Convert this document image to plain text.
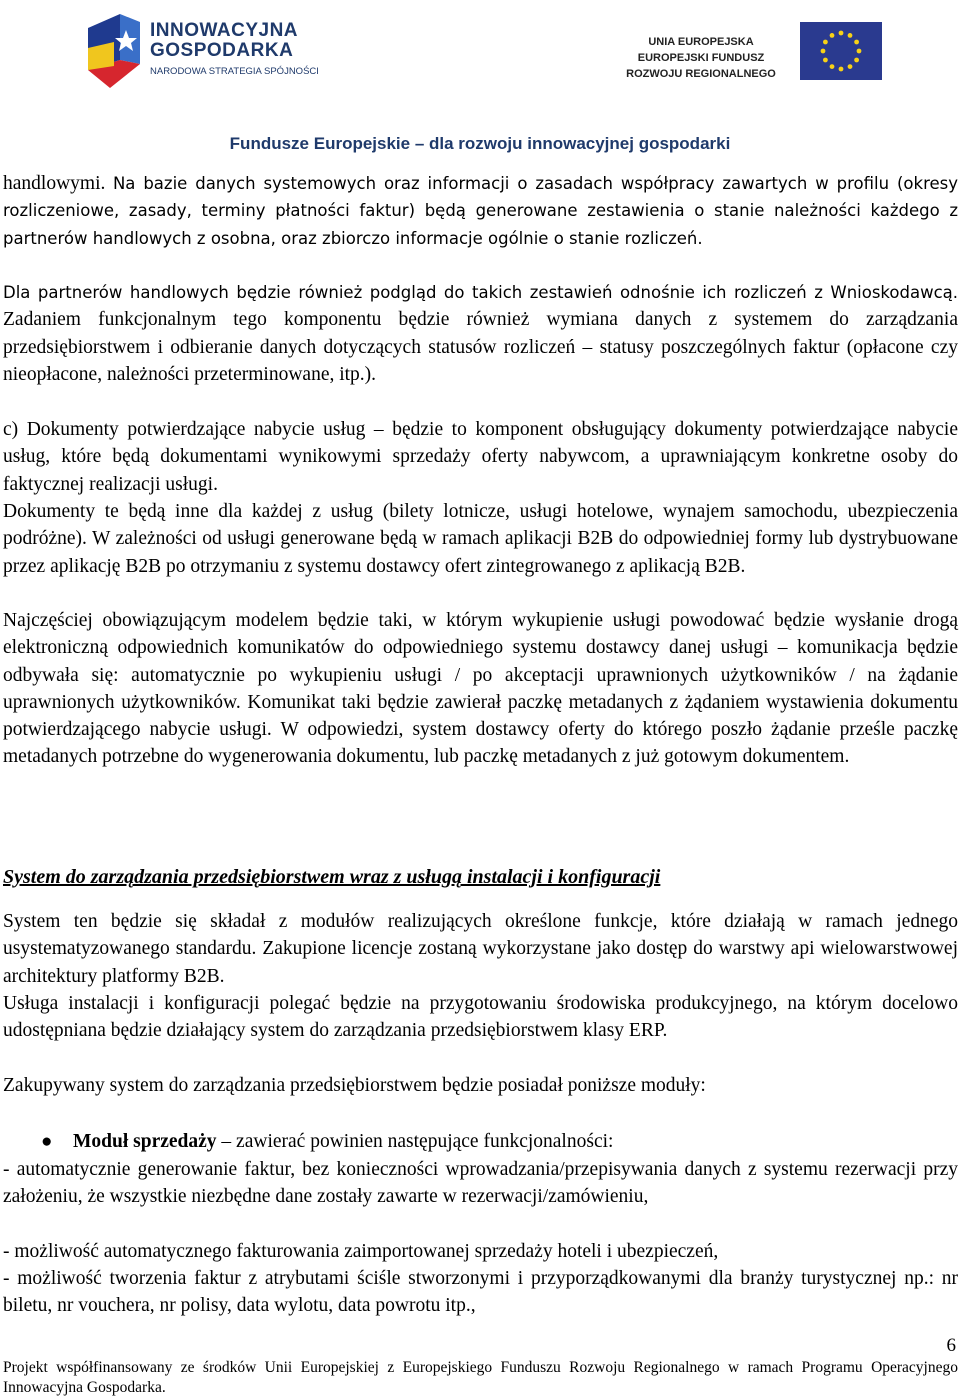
INNOWACYJNA
GOSPODARKA
NARODOWA STRATEGIA SPÓJNOŚCI
UNIA EUROPEJSKA
EUROPEJSKI FUNDUSZ
ROZWOJU REGIONALNEGO
Fundusze Europejskie – dla rozwoju innowacyjnej gospodarki

handlowymi. Na bazie danych systemowych oraz informacji o zasadach współpracy zawartych w profilu (okresy rozliczeniowe, zasady, terminy płatności faktur) będą generowane zestawienia o stanie należności każdego z partnerów handlowych z osobna, oraz zbiorczo informacje ogólnie o stanie rozliczeń.

Dla partnerów handlowych będzie również podgląd do takich zestawień odnośnie ich rozliczeń z Wnioskodawcą. Zadaniem funkcjonalnym tego komponentu będzie również wymiana danych z systemem do zarządzania przedsiębiorstwem i odbieranie danych dotyczących statusów rozliczeń – statusy poszczególnych faktur (opłacone czy nieopłacone, należności przeterminowane, itp.).

c) Dokumenty potwierdzające nabycie usług – będzie to komponent obsługujący dokumenty potwierdzające nabycie usług, które będą dokumentami wynikowymi sprzedaży oferty nabywcom, a uprawniającym konkretne osoby do faktycznej realizacji usługi.

Dokumenty te będą inne dla każdej z usług (bilety lotnicze, usługi hotelowe, wynajem samochodu, ubezpieczenia podróżne). W zależności od usługi generowane będą w ramach aplikacji B2B do odpowiedniej formy lub dystrybuowane przez aplikację B2B po otrzymaniu z systemu dostawcy ofert zintegrowanego z aplikacją B2B.

Najczęściej obowiązującym modelem będzie taki, w którym wykupienie usługi powodować będzie wysłanie drogą elektroniczną odpowiednich komunikatów do odpowiedniego systemu dostawcy danej usługi – komunikacja będzie odbywała się: automatycznie po wykupieniu usługi / po akceptacji uprawnionych użytkowników / na żądanie uprawnionych użytkowników. Komunikat taki będzie zawierał paczkę metadanych z żądaniem wystawienia dokumentu potwierdzającego nabycie usługi. W odpowiedzi, system dostawcy oferty do którego poszło żądanie prześle paczkę metadanych potrzebne do wygenerowania dokumentu, lub paczkę metadanych z już gotowym dokumentem.

System do zarządzania przedsiębiorstwem wraz z usługą instalacji i konfiguracji

System ten będzie się składał z modułów realizujących określone funkcje, które działają w ramach jednego usystematyzowanego standardu. Zakupione licencje zostaną wykorzystane jako dostęp do warstwy api wielowarstwowej architektury platformy B2B.

Usługa instalacji i konfiguracji polegać będzie na przygotowaniu środowiska produkcyjnego, na którym docelowo udostępniana będzie działający system do zarządzania przedsiębiorstwem klasy ERP.

Zakupywany system do zarządzania przedsiębiorstwem będzie posiadał poniższe moduły:

● Moduł sprzedaży – zawierać powinien następujące funkcjonalności:

- automatycznie generowanie faktur, bez konieczności wprowadzania/przepisywania danych z systemu rezerwacji przy założeniu, że wszystkie niezbędne dane zostały zawarte w rezerwacji/zamówieniu,

- możliwość automatycznego fakturowania zaimportowanej sprzedaży hoteli i ubezpieczeń,

- możliwość tworzenia faktur z atrybutami ściśle stworzonymi i przyporządkowanymi dla branży turystycznej np.: nr biletu, nr vouchera, nr polisy, data wylotu, data powrotu itp.,

6
Projekt współfinansowany ze środków Unii Europejskiej z Europejskiego Funduszu Rozwoju Regionalnego w ramach Programu Operacyjnego Innowacyjna Gospodarka.
